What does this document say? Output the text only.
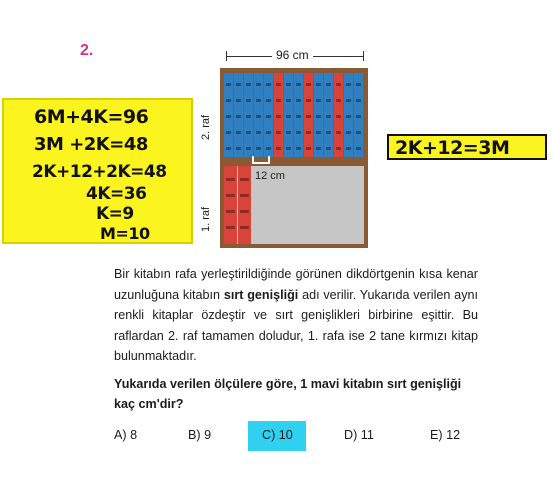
2.
6M+4K=96
3M +2K=48
2K+12+2K=48
4K=36
K=9
M=10
96 cm
12 cm
2. raf
1. raf
2K+12=3M
Bir kitabın rafa yerleştirildiğinde görünen dikdörtgenin kısa kenar uzunluğuna kitabın sırt genişliği adı verilir. Yukarıda verilen aynı renkli kitaplar özdeştir ve sırt genişlikleri birbirine eşittir. Bu raflardan 2. raf tamamen doludur, 1. rafa ise 2 tane kırmızı kitap bulunmaktadır.
Yukarıda verilen ölçülere göre, 1 mavi kitabın sırt genişliği kaç cm'dir?
A) 8	B) 9	C) 10	D) 11	E) 12
